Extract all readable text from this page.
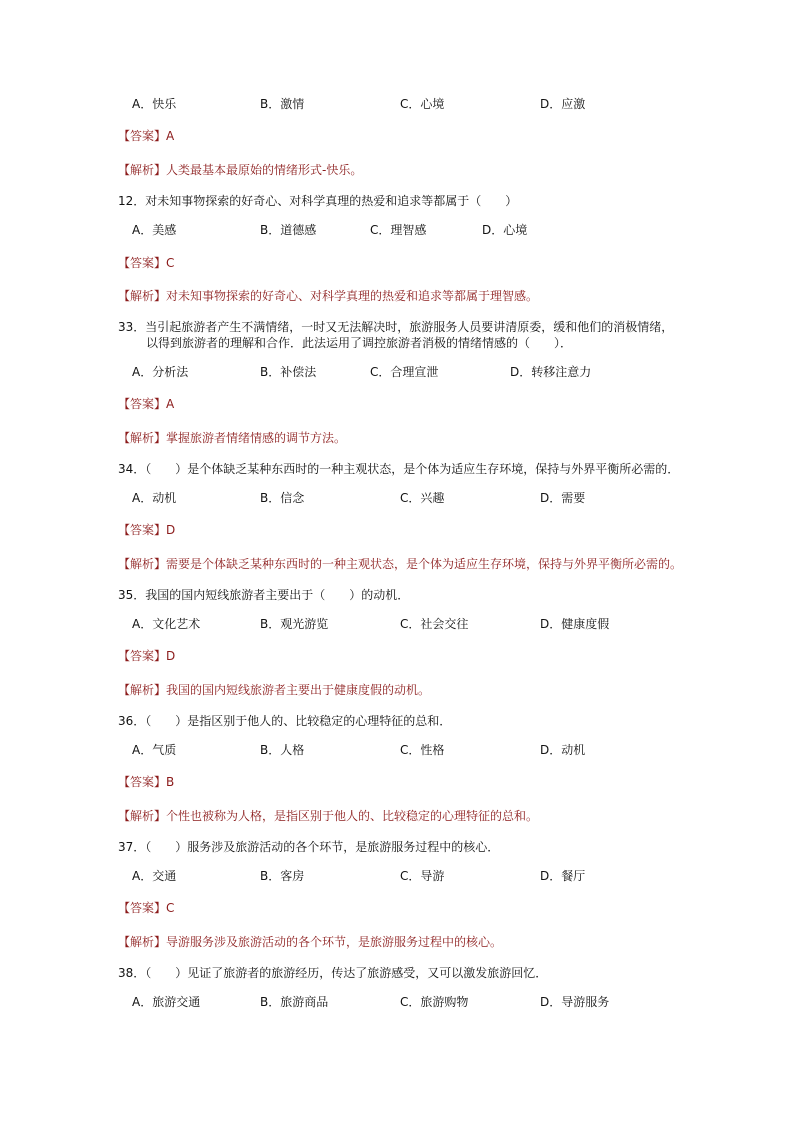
A．快乐	B．激情	C．心境	D．应激
【答案】A
【解析】人类最基本最原始的情绪形式-快乐。
12．对未知事物探索的好奇心、对科学真理的热爱和追求等都属于（　　）
A．美感	B．道德感	C．理智感	D．心境
【答案】C
【解析】对未知事物探索的好奇心、对科学真理的热爱和追求等都属于理智感。
33．当引起旅游者产生不满情绪，一时又无法解决时，旅游服务人员要讲清原委，缓和他们的消极情绪，
以得到旅游者的理解和合作．此法运用了调控旅游者消极的情绪情感的（　　）．
A．分析法	B．补偿法	C．合理宣泄	D．转移注意力
【答案】A
【解析】掌握旅游者情绪情感的调节方法。
34．（　　）是个体缺乏某种东西时的一种主观状态，是个体为适应生存环境，保持与外界平衡所必需的．
A．动机	B．信念	C．兴趣	D．需要
【答案】D
【解析】需要是个体缺乏某种东西时的一种主观状态，是个体为适应生存环境，保持与外界平衡所必需的。
35．我国的国内短线旅游者主要出于（　　）的动机．
A．文化艺术	B．观光游览	C．社会交往	D．健康度假
【答案】D
【解析】我国的国内短线旅游者主要出于健康度假的动机。
36．（　　）是指区别于他人的、比较稳定的心理特征的总和．
A．气质	B．人格	C．性格	D．动机
【答案】B
【解析】个性也被称为人格，是指区别于他人的、比较稳定的心理特征的总和。
37．（　　）服务涉及旅游活动的各个环节，是旅游服务过程中的核心．
A．交通	B．客房	C．导游	D．餐厅
【答案】C
【解析】导游服务涉及旅游活动的各个环节，是旅游服务过程中的核心。
38．（　　）见证了旅游者的旅游经历，传达了旅游感受，又可以激发旅游回忆．
A．旅游交通	B．旅游商品	C．旅游购物	D．导游服务
